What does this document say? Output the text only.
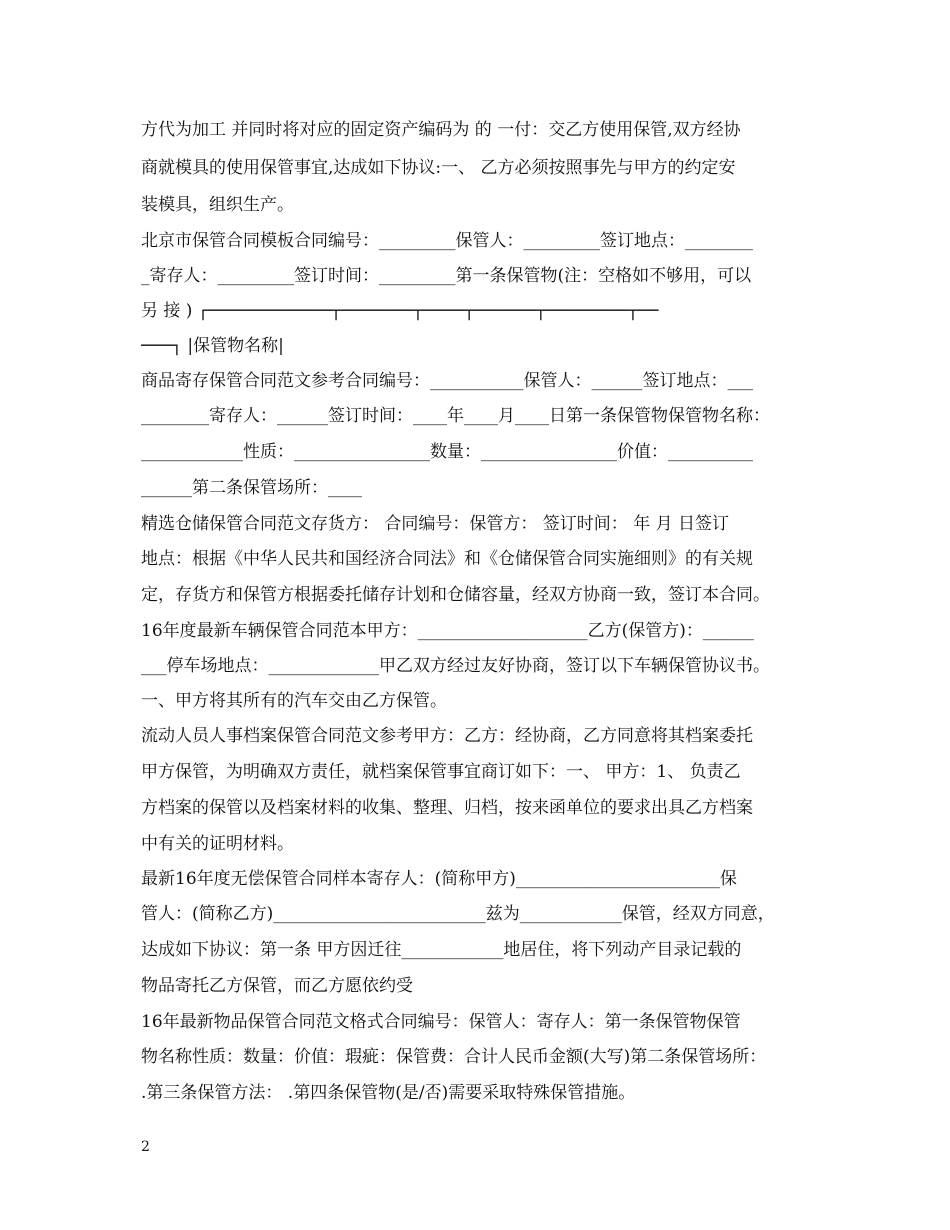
方代为加工 并同时将对应的固定资产编码为 的 一付：交乙方使用保管,双方经协
商就模具的使用保管事宜,达成如下协议:一、 乙方必须按照事先与甲方的约定安
装模具，组织生产。
北京市保管合同模板合同编号：_________保管人：_________签订地点：________
_寄存人：_________签订时间：_________第一条保管物(注：空格如不够用，可以
另 接 ) ┌────────────┬───────┬────┬──────┬────────┬──
───┐ |保管物名称|
商品寄存保管合同范文参考合同编号：___________保管人：______签订地点：___
________寄存人：______签订时间：____年____月____日第一条保管物保管物名称：
____________性质：________________数量：________________价值：__________
______第二条保管场所：____
精选仓储保管合同范文存货方： 合同编号：保管方： 签订时间： 年 月 日签订
地点：根据《中华人民共和国经济合同法》和《仓储保管合同实施细则》的有关规
定，存货方和保管方根据委托储存计划和仓储容量，经双方协商一致，签订本合同。
16年度最新车辆保管合同范本甲方：____________________乙方(保管方)：______
___停车场地点：_____________甲乙双方经过友好协商，签订以下车辆保管协议书。
一、甲方将其所有的汽车交由乙方保管。
流动人员人事档案保管合同范文参考甲方：乙方：经协商，乙方同意将其档案委托
甲方保管，为明确双方责任，就档案保管事宜商订如下：一、 甲方：1、 负责乙
方档案的保管以及档案材料的收集、整理、归档，按来函单位的要求出具乙方档案
中有关的证明材料。
最新16年度无偿保管合同样本寄存人：(简称甲方)________________________保
管人：(简称乙方)_________________________兹为____________保管，经双方同意，
达成如下协议：第一条 甲方因迁往____________地居住，将下列动产目录记载的
物品寄托乙方保管，而乙方愿依约受
16年最新物品保管合同范文格式合同编号：保管人：寄存人：第一条保管物保管
物名称性质：数量：价值：瑕疵：保管费：合计人民币金额(大写)第二条保管场所：
.第三条保管方法： .第四条保管物(是/否)需要采取特殊保管措施。
2
